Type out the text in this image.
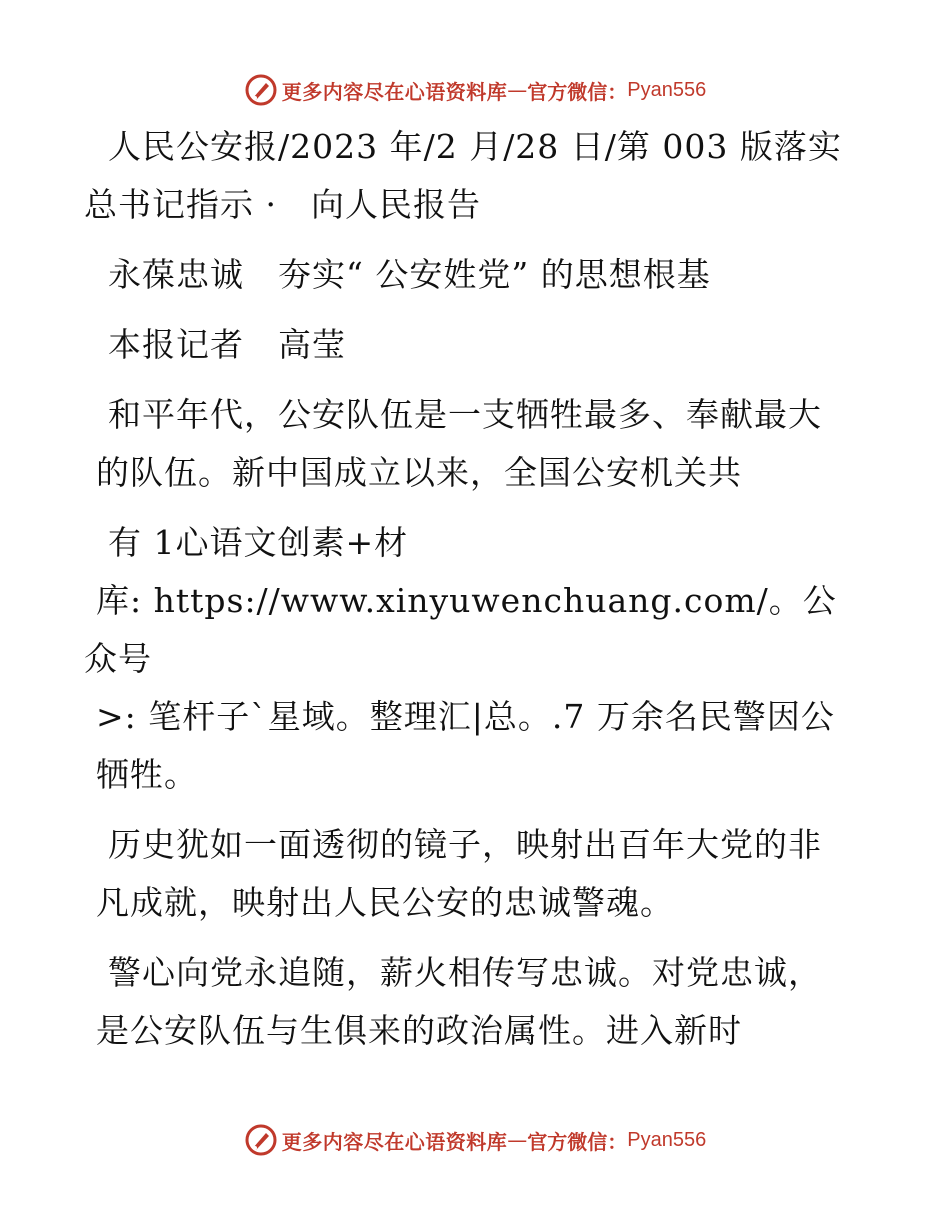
更多内容尽在心语资料库 — 官方微信： Pyan556

人民公安报/2023 年/2 月/28 日/第 003 版落实
总书记指示 ·　向人民报告

永葆忠诚　夯实“ 公安姓党” 的思想根基

本报记者　高莹

和平年代，公安队伍是一支牺牲最多、奉献最大
的队伍。新中国成立以来，全国公安机关共

有 1心语文创素+材
库: https://www.xinyuwenchuang.com/。公众号
>: 笔杆子`星域。整理汇|总。.7 万余名民警因公
牺牲。

历史犹如一面透彻的镜子，映射出百年大党的非
凡成就，映射出人民公安的忠诚警魂。

警心向党永追随，薪火相传写忠诚。对党忠诚，
是公安队伍与生俱来的政治属性。进入新时

更多内容尽在心语资料库 — 官方微信： Pyan556
